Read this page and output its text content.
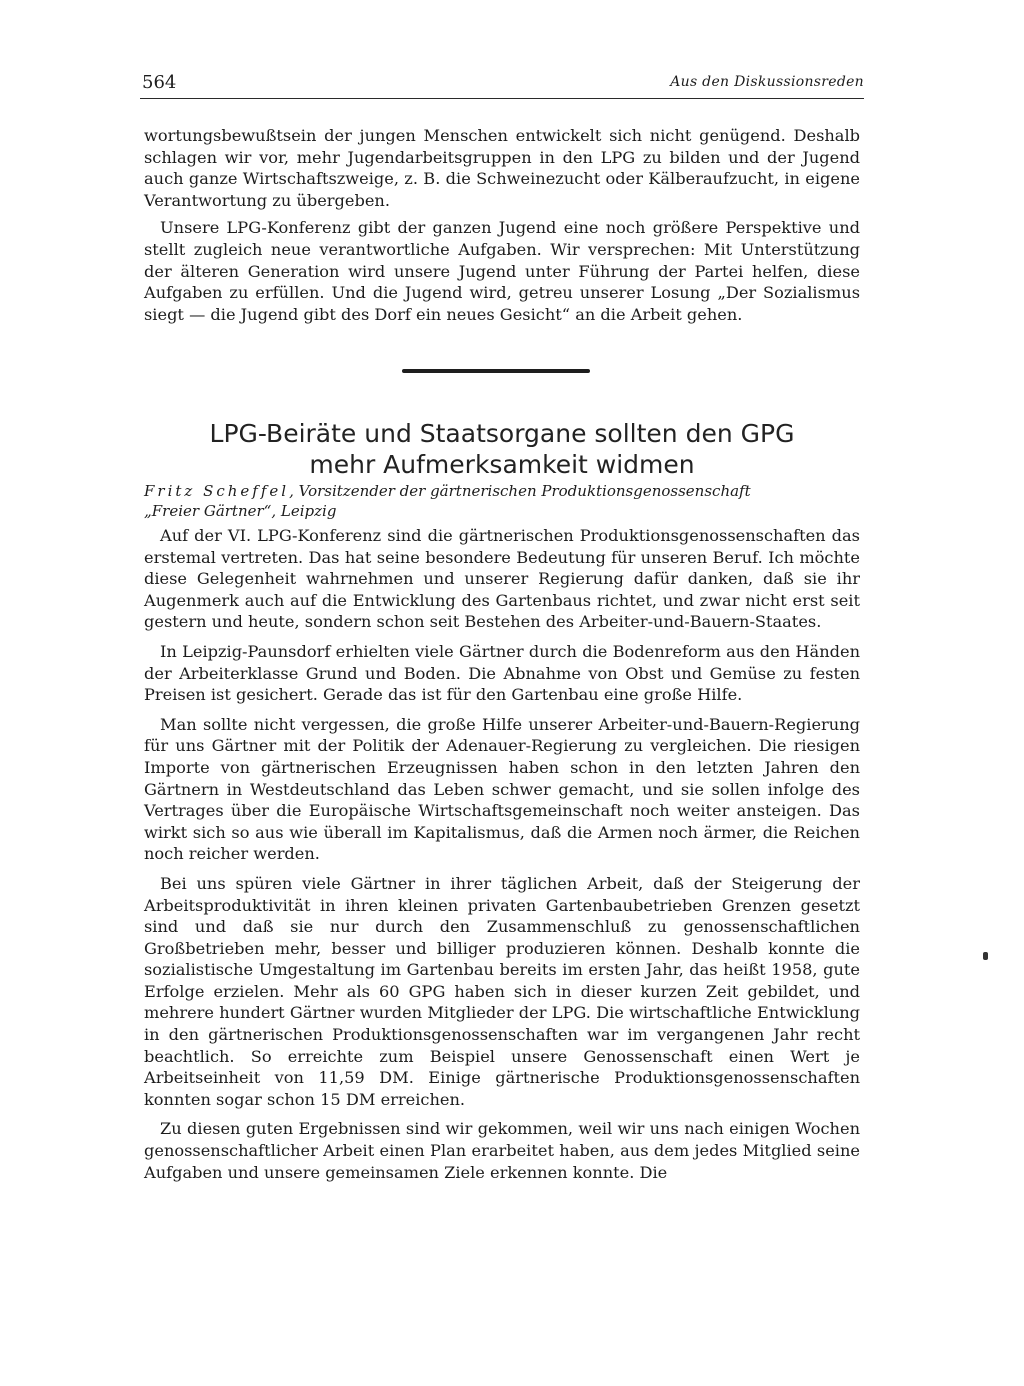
564	Aus den Diskussionsreden

wortungsbewußtsein der jungen Menschen entwickelt sich nicht genügend. Deshalb schlagen wir vor, mehr Jugendarbeitsgruppen in den LPG zu bilden und der Jugend auch ganze Wirtschaftszweige, z. B. die Schweinezucht oder Kälberaufzucht, in eigene Verantwortung zu übergeben.

Unsere LPG-Konferenz gibt der ganzen Jugend eine noch größere Perspektive und stellt zugleich neue verantwortliche Aufgaben. Wir versprechen: Mit Unterstützung der älteren Generation wird unsere Jugend unter Führung der Partei helfen, diese Aufgaben zu erfüllen. Und die Jugend wird, getreu unserer Losung „Der Sozialismus siegt — die Jugend gibt des Dorf ein neues Gesicht“ an die Arbeit gehen.

LPG-Beiräte und Staatsorgane sollten den GPG
mehr Aufmerksamkeit widmen
Fritz Scheffel, Vorsitzender der gärtnerischen Produktionsgenossenschaft
„Freier Gärtner“, Leipzig

Auf der VI. LPG-Konferenz sind die gärtnerischen Produktionsgenossenschaften das erstemal vertreten. Das hat seine besondere Bedeutung für unseren Beruf. Ich möchte diese Gelegenheit wahrnehmen und unserer Regierung dafür danken, daß sie ihr Augenmerk auch auf die Entwicklung des Gartenbaus richtet, und zwar nicht erst seit gestern und heute, sondern schon seit Bestehen des Arbeiter-und-Bauern-Staates.

In Leipzig-Paunsdorf erhielten viele Gärtner durch die Bodenreform aus den Händen der Arbeiterklasse Grund und Boden. Die Abnahme von Obst und Gemüse zu festen Preisen ist gesichert. Gerade das ist für den Gartenbau eine große Hilfe.

Man sollte nicht vergessen, die große Hilfe unserer Arbeiter-und-Bauern-Regierung für uns Gärtner mit der Politik der Adenauer-Regierung zu vergleichen. Die riesigen Importe von gärtnerischen Erzeugnissen haben schon in den letzten Jahren den Gärtnern in Westdeutschland das Leben schwer gemacht, und sie sollen infolge des Vertrages über die Europäische Wirtschaftsgemeinschaft noch weiter ansteigen. Das wirkt sich so aus wie überall im Kapitalismus, daß die Armen noch ärmer, die Reichen noch reicher werden.

Bei uns spüren viele Gärtner in ihrer täglichen Arbeit, daß der Steigerung der Arbeitsproduktivität in ihren kleinen privaten Gartenbaubetrieben Grenzen gesetzt sind und daß sie nur durch den Zusammenschluß zu genossenschaftlichen Großbetrieben mehr, besser und billiger produzieren können. Deshalb konnte die sozialistische Umgestaltung im Gartenbau bereits im ersten Jahr, das heißt 1958, gute Erfolge erzielen. Mehr als 60 GPG haben sich in dieser kurzen Zeit gebildet, und mehrere hundert Gärtner wurden Mitglieder der LPG. Die wirtschaftliche Entwicklung in den gärtnerischen Produktionsgenossenschaften war im vergangenen Jahr recht beachtlich. So erreichte zum Beispiel unsere Genossenschaft einen Wert je Arbeitseinheit von 11,59 DM. Einige gärtnerische Produktionsgenossenschaften konnten sogar schon 15 DM erreichen.

Zu diesen guten Ergebnissen sind wir gekommen, weil wir uns nach einigen Wochen genossenschaftlicher Arbeit einen Plan erarbeitet haben, aus dem jedes Mitglied seine Aufgaben und unsere gemeinsamen Ziele erkennen konnte. Die
